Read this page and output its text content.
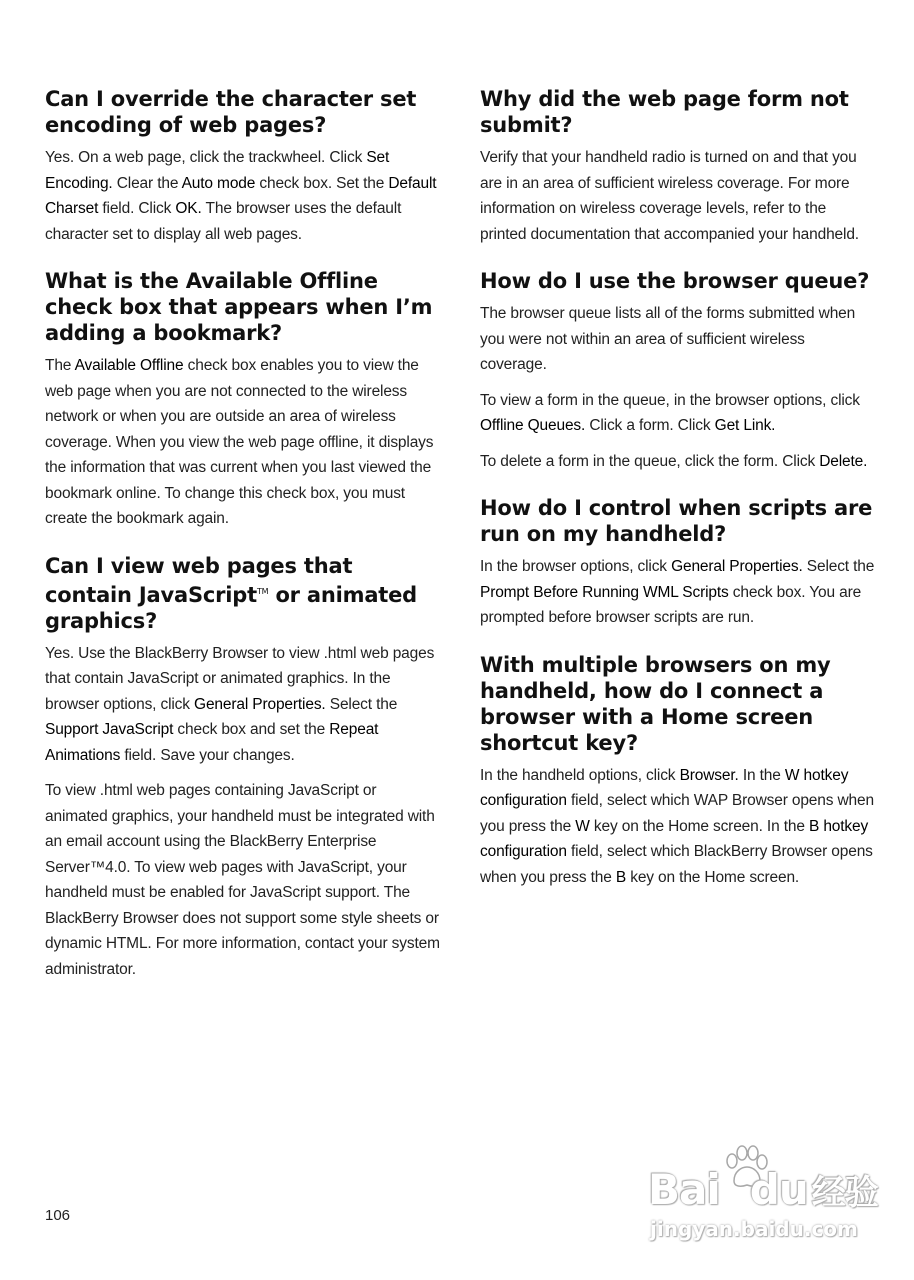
Can I override the character set encoding of web pages?

Yes. On a web page, click the trackwheel. Click Set Encoding. Clear the Auto mode check box. Set the Default Charset field. Click OK. The browser uses the default character set to display all web pages.

What is the Available Offline check box that appears when I’m adding a bookmark?

The Available Offline check box enables you to view the web page when you are not connected to the wireless network or when you are outside an area of wireless coverage. When you view the web page offline, it displays the information that was current when you last viewed the bookmark online. To change this check box, you must create the bookmark again.

Can I view web pages that contain JavaScript™ or animated graphics?

Yes. Use the BlackBerry Browser to view .html web pages that contain JavaScript or animated graphics. In the browser options, click General Properties. Select the Support JavaScript check box and set the Repeat Animations field. Save your changes.

To view .html web pages containing JavaScript or animated graphics, your handheld must be integrated with an email account using the BlackBerry Enterprise Server™4.0. To view web pages with JavaScript, your handheld must be enabled for JavaScript support. The BlackBerry Browser does not support some style sheets or dynamic HTML. For more information, contact your system administrator.

Why did the web page form not submit?

Verify that your handheld radio is turned on and that you are in an area of sufficient wireless coverage. For more information on wireless coverage levels, refer to the printed documentation that accompanied your handheld.

How do I use the browser queue?

The browser queue lists all of the forms submitted when you were not within an area of sufficient wireless coverage.

To view a form in the queue, in the browser options, click Offline Queues. Click a form. Click Get Link.

To delete a form in the queue, click the form. Click Delete.

How do I control when scripts are run on my handheld?

In the browser options, click General Properties. Select the Prompt Before Running WML Scripts check box. You are prompted before browser scripts are run.

With multiple browsers on my handheld, how do I connect a browser with a Home screen shortcut key?

In the handheld options, click Browser. In the W hotkey configuration field, select which WAP Browser opens when you press the W key on the Home screen. In the B hotkey configuration field, select which BlackBerry Browser opens when you press the B key on the Home screen.

106
Bai du 经验
jingyan.baidu.com
